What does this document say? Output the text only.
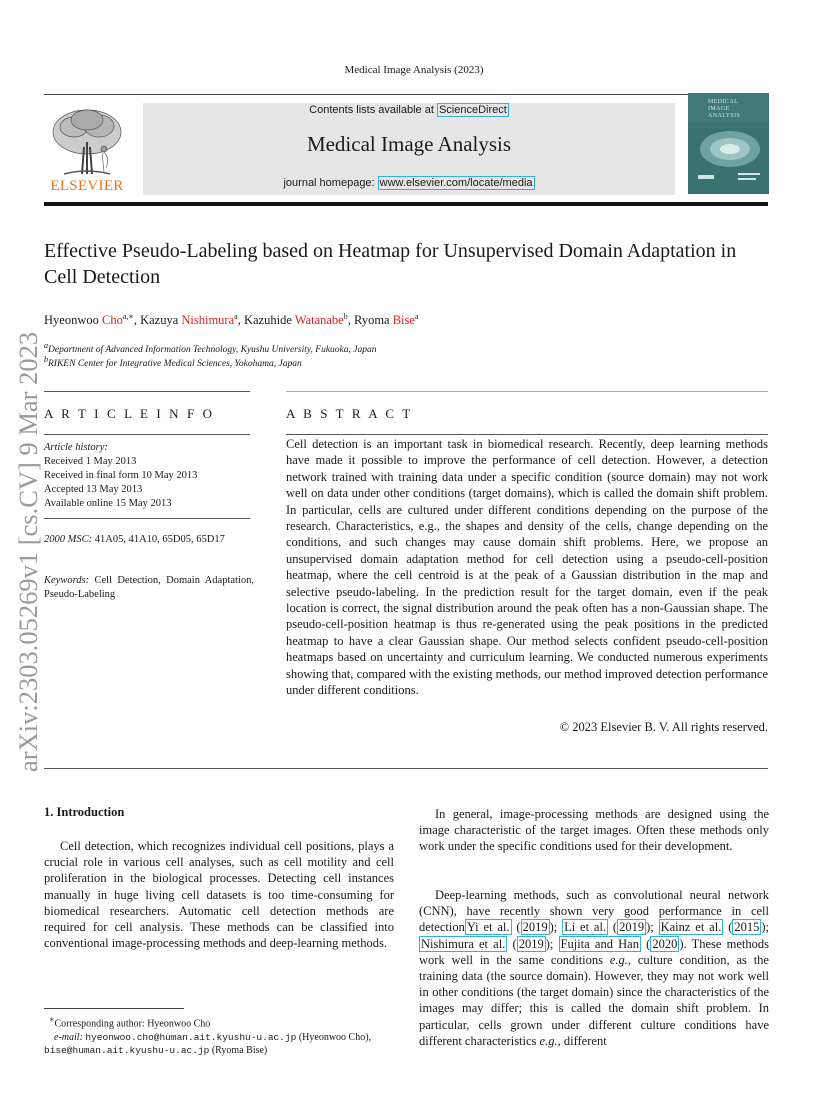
Medical Image Analysis (2023)
ELSEVIER
Contents lists available at ScienceDirect
Medical Image Analysis
journal homepage: www.elsevier.com/locate/media
MEDICAL
IMAGE
ANALYSIS
arXiv:2303.05269v1 [cs.CV] 9 Mar 2023
Effective Pseudo-Labeling based on Heatmap for Unsupervised Domain Adaptation in Cell Detection
Hyeonwoo Cho$^{a,∗}$, Kazuya Nishimura$^a$, Kazuhide Watanabe$^b$, Ryoma Bise$^a$
$^a$Department of Advanced Information Technology, Kyushu University, Fukuoka, Japan
$^b$RIKEN Center for Integrative Medical Sciences, Yokohama, Japan
A R T I C L E I N F O	A B S T R A C T
Article history:
Received 1 May 2013
Received in final form 10 May 2013
Accepted 13 May 2013
Available online 15 May 2013
2000 MSC: 41A05, 41A10, 65D05, 65D17
Keywords: Cell Detection, Domain Adaptation, Pseudo-Labeling
Cell detection is an important task in biomedical research. Recently, deep learning methods have made it possible to improve the performance of cell detection. However, a detection network trained with training data under a specific condition (source domain) may not work well on data under other conditions (target domains), which is called the domain shift problem. In particular, cells are cultured under different conditions depending on the purpose of the research. Characteristics, e.g., the shapes and density of the cells, change depending on the conditions, and such changes may cause domain shift problems. Here, we propose an unsupervised domain adaptation method for cell detection using a pseudo-cell-position heatmap, where the cell centroid is at the peak of a Gaussian distribution in the map and selective pseudo-labeling. In the prediction result for the target domain, even if the peak location is correct, the signal distribution around the peak often has a non-Gaussian shape. The pseudo-cell-position heatmap is thus re-generated using the peak positions in the predicted heatmap to have a clear Gaussian shape. Our method selects confident pseudo-cell-position heatmaps based on uncertainty and curriculum learning. We conducted numerous experiments showing that, compared with the existing methods, our method improved detection performance under different conditions.
© 2023 Elsevier B. V. All rights reserved.
1. Introduction
Cell detection, which recognizes individual cell positions, plays a crucial role in various cell analyses, such as cell motility and cell proliferation in the biological processes. Detecting cell instances manually in huge living cell datasets is too time-consuming for biomedical researchers. Automatic cell detection methods are required for cell analysis. These methods can be classified into conventional image-processing methods and deep-learning methods.
In general, image-processing methods are designed using the image characteristic of the target images. Often these methods only work under the specific conditions used for their development.
Deep-learning methods, such as convolutional neural network (CNN), have recently shown very good performance in cell detection Yi et al. ( 2019 ); Li et al. ( 2019 ); Kainz et al. ( 2015 ); Nishimura et al. ( 2019 ); Fujita and Han ( 2020 ). These methods work well in the same conditions e.g., culture condition, as the training data (the source domain). However, they may not work well in other conditions (the target domain) since the characteristics of the images may differ; this is called the domain shift problem. In particular, cells grown under different culture conditions have different characteristics e.g., different
∗Corresponding author: Hyeonwoo Cho
e-mail: hyeonwoo.cho@human.ait.kyushu-u.ac.jp (Hyeonwoo Cho), bise@human.ait.kyushu-u.ac.jp (Ryoma Bise)
